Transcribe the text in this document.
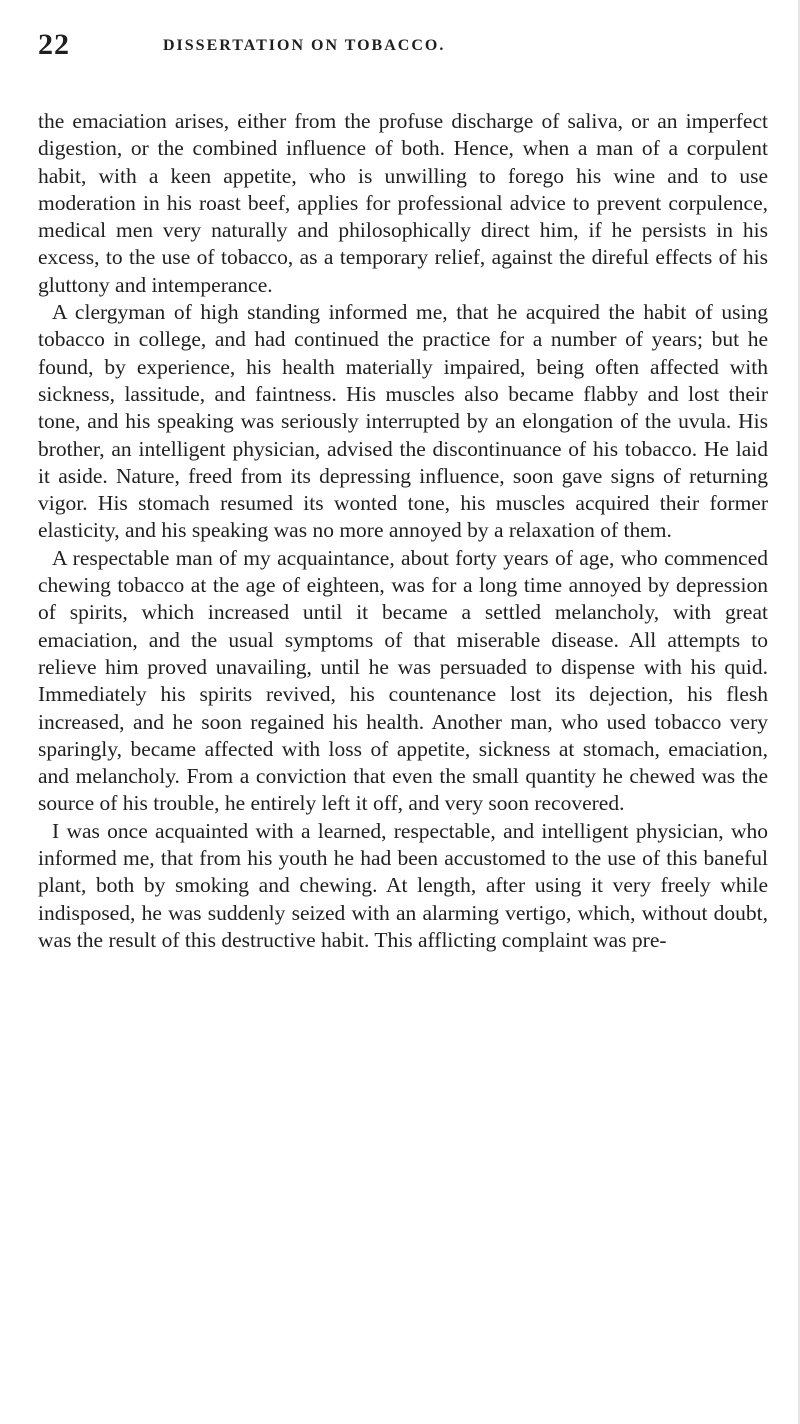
22	DISSERTATION ON TOBACCO.

the emaciation arises, either from the profuse discharge of saliva, or an imperfect digestion, or the combined influence of both. Hence, when a man of a corpulent habit, with a keen appetite, who is unwilling to forego his wine and to use moderation in his roast beef, applies for professional advice to prevent corpulence, medical men very naturally and philosophically direct him, if he persists in his excess, to the use of tobacco, as a temporary relief, against the direful effects of his gluttony and intemperance.

A clergyman of high standing informed me, that he acquired the habit of using tobacco in college, and had continued the practice for a number of years; but he found, by experience, his health materially impaired, being often affected with sickness, lassitude, and faintness. His muscles also became flabby and lost their tone, and his speaking was seriously interrupted by an elongation of the uvula. His brother, an intelligent physician, advised the discontinuance of his tobacco. He laid it aside. Nature, freed from its depressing influence, soon gave signs of returning vigor. His stomach resumed its wonted tone, his muscles acquired their former elasticity, and his speaking was no more annoyed by a relaxation of them.

A respectable man of my acquaintance, about forty years of age, who commenced chewing tobacco at the age of eighteen, was for a long time annoyed by depression of spirits, which increased until it became a settled melancholy, with great emaciation, and the usual symptoms of that miserable disease. All attempts to relieve him proved unavailing, until he was persuaded to dispense with his quid. Immediately his spirits revived, his countenance lost its dejection, his flesh increased, and he soon regained his health. Another man, who used tobacco very sparingly, became affected with loss of appetite, sickness at stomach, emaciation, and melancholy. From a conviction that even the small quantity he chewed was the source of his trouble, he entirely left it off, and very soon recovered.

I was once acquainted with a learned, respectable, and intelligent physician, who informed me, that from his youth he had been accustomed to the use of this baneful plant, both by smoking and chewing. At length, after using it very freely while indisposed, he was suddenly seized with an alarming vertigo, which, without doubt, was the result of this destructive habit. This afflicting complaint was pre-
